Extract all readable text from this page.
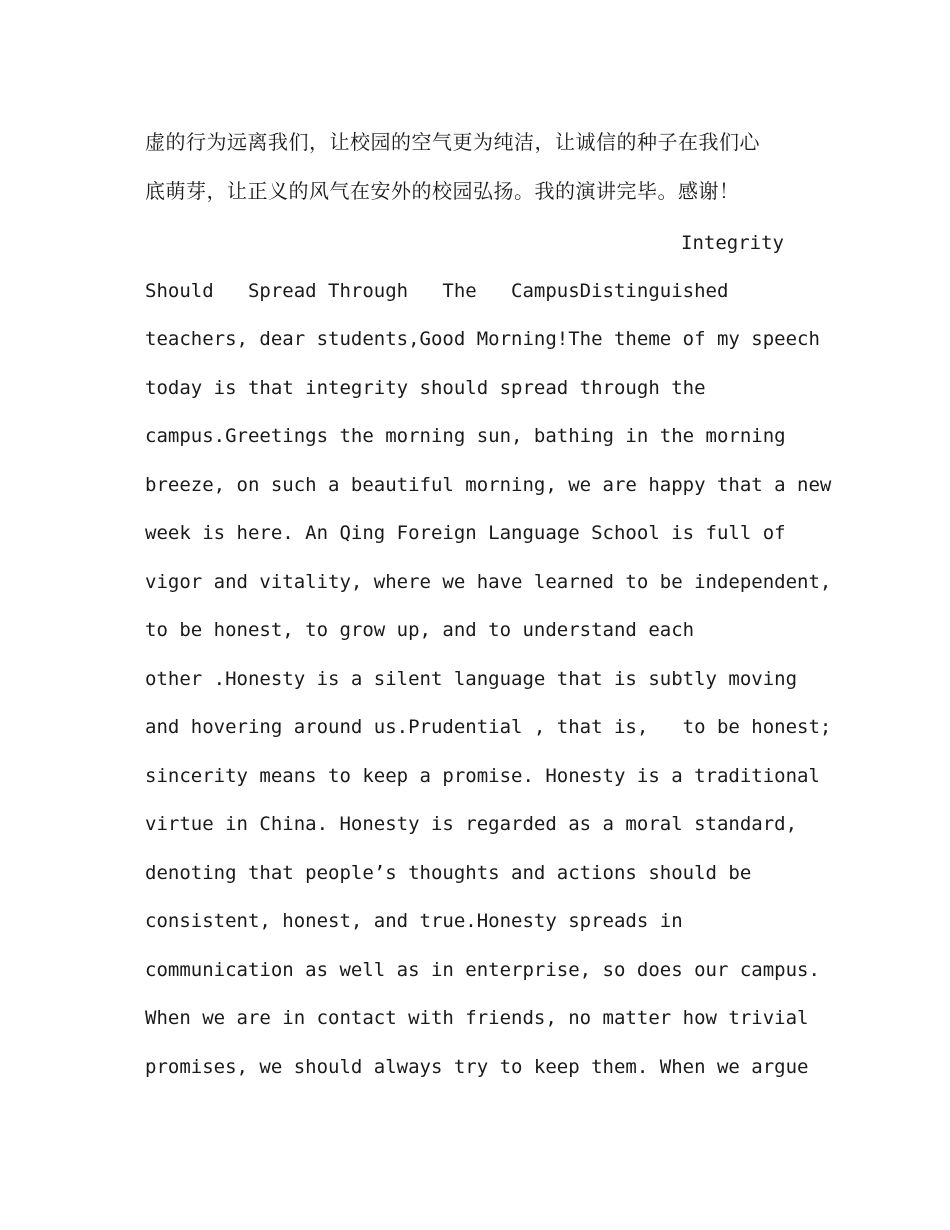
虚的行为远离我们，让校园的空气更为纯洁，让诚信的种子在我们心
底萌芽，让正义的风气在安外的校园弘扬。我的演讲完毕。感谢！
Integrity
Should   Spread Through   The   CampusDistinguished
teachers, dear students,Good Morning!The theme of my speech
today is that integrity should spread through the
campus.Greetings the morning sun, bathing in the morning
breeze, on such a beautiful morning, we are happy that a new
week is here. An Qing Foreign Language School is full of
vigor and vitality, where we have learned to be independent,
to be honest, to grow up, and to understand each
other .Honesty is a silent language that is subtly moving
and hovering around us.Prudential , that is,   to be honest;
sincerity means to keep a promise. Honesty is a traditional
virtue in China. Honesty is regarded as a moral standard,
denoting that people’s thoughts and actions should be
consistent, honest, and true.Honesty spreads in
communication as well as in enterprise, so does our campus.
When we are in contact with friends, no matter how trivial
promises, we should always try to keep them. When we argue
